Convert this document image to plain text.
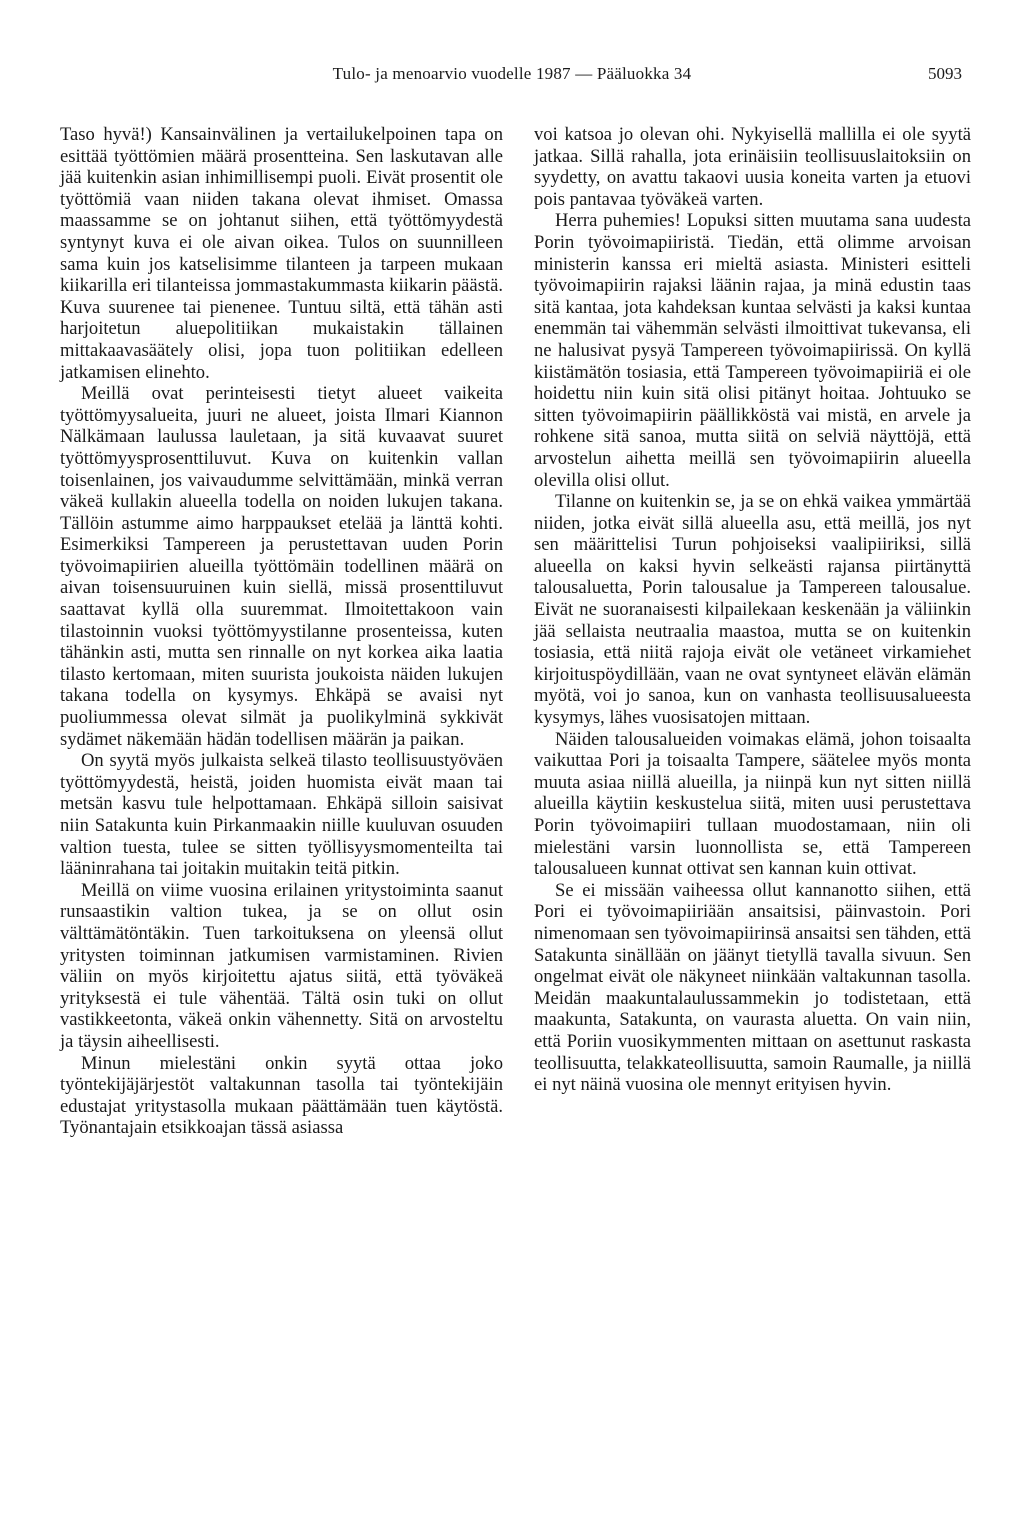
Tulo- ja menoarvio vuodelle 1987 — Pääluokka 34	5093

Taso hyvä!) Kansainvälinen ja vertailukelpoinen tapa on esittää työttömien määrä prosentteina. Sen laskutavan alle jää kuitenkin asian inhimillisempi puoli. Eivät prosentit ole työttömiä vaan niiden takana olevat ihmiset. Omassa maassamme se on johtanut siihen, että työttömyydestä syntynyt kuva ei ole aivan oikea. Tulos on suunnilleen sama kuin jos katselisimme tilanteen ja tarpeen mukaan kiikarilla eri tilanteissa jommastakummasta kiikarin päästä. Kuva suurenee tai pienenee. Tuntuu siltä, että tähän asti harjoitetun aluepolitiikan mukaistakin tällainen mittakaavasäätely olisi, jopa tuon politiikan edelleen jatkamisen elinehto.

Meillä ovat perinteisesti tietyt alueet vaikeita työttömyysalueita, juuri ne alueet, joista Ilmari Kiannon Nälkämaan laulussa lauletaan, ja sitä kuvaavat suuret työttömyysprosenttiluvut. Kuva on kuitenkin vallan toisenlainen, jos vaivaudumme selvittämään, minkä verran väkeä kullakin alueella todella on noiden lukujen takana. Tällöin astumme aimo harppaukset etelää ja länttä kohti. Esimerkiksi Tampereen ja perustettavan uuden Porin työvoimapiirien alueilla työttömäin todellinen määrä on aivan toisensuuruinen kuin siellä, missä prosenttiluvut saattavat kyllä olla suuremmat. Ilmoitettakoon vain tilastoinnin vuoksi työttömyystilanne prosenteissa, kuten tähänkin asti, mutta sen rinnalle on nyt korkea aika laatia tilasto kertomaan, miten suurista joukoista näiden lukujen takana todella on kysymys. Ehkäpä se avaisi nyt puoliummessa olevat silmät ja puolikylminä sykkivät sydämet näkemään hädän todellisen määrän ja paikan.

On syytä myös julkaista selkeä tilasto teollisuustyöväen työttömyydestä, heistä, joiden huomista eivät maan tai metsän kasvu tule helpottamaan. Ehkäpä silloin saisivat niin Satakunta kuin Pirkanmaakin niille kuuluvan osuuden valtion tuesta, tulee se sitten työllisyysmomenteilta tai lääninrahana tai joitakin muitakin teitä pitkin.

Meillä on viime vuosina erilainen yritystoiminta saanut runsaastikin valtion tukea, ja se on ollut osin välttämätöntäkin. Tuen tarkoituksena on yleensä ollut yritysten toiminnan jatkumisen varmistaminen. Rivien väliin on myös kirjoitettu ajatus siitä, että työväkeä yrityksestä ei tule vähentää. Tältä osin tuki on ollut vastikkeetonta, väkeä onkin vähennetty. Sitä on arvosteltu ja täysin aiheellisesti.

Minun mielestäni onkin syytä ottaa joko työntekijäjärjestöt valtakunnan tasolla tai työntekijäin edustajat yritystasolla mukaan päättämään tuen käytöstä. Työnantajain etsikkoajan tässä asiassa

voi katsoa jo olevan ohi. Nykyisellä mallilla ei ole syytä jatkaa. Sillä rahalla, jota erinäisiin teollisuuslaitoksiin on syydetty, on avattu takaovi uusia koneita varten ja etuovi pois pantavaa työväkeä varten.

Herra puhemies! Lopuksi sitten muutama sana uudesta Porin työvoimapiiristä. Tiedän, että olimme arvoisan ministerin kanssa eri mieltä asiasta. Ministeri esitteli työvoimapiirin rajaksi läänin rajaa, ja minä edustin taas sitä kantaa, jota kahdeksan kuntaa selvästi ja kaksi kuntaa enemmän tai vähemmän selvästi ilmoittivat tukevansa, eli ne halusivat pysyä Tampereen työvoimapiirissä. On kyllä kiistämätön tosiasia, että Tampereen työvoimapiiriä ei ole hoidettu niin kuin sitä olisi pitänyt hoitaa. Johtuuko se sitten työvoimapiirin päällikköstä vai mistä, en arvele ja rohkene sitä sanoa, mutta siitä on selviä näyttöjä, että arvostelun aihetta meillä sen työvoimapiirin alueella olevilla olisi ollut.

Tilanne on kuitenkin se, ja se on ehkä vaikea ymmärtää niiden, jotka eivät sillä alueella asu, että meillä, jos nyt sen määrittelisi Turun pohjoiseksi vaalipiiriksi, sillä alueella on kaksi hyvin selkeästi rajansa piirtänyttä talousaluetta, Porin talousalue ja Tampereen talousalue. Eivät ne suoranaisesti kilpailekaan keskenään ja väliinkin jää sellaista neutraalia maastoa, mutta se on kuitenkin tosiasia, että niitä rajoja eivät ole vetäneet virkamiehet kirjoituspöydillään, vaan ne ovat syntyneet elävän elämän myötä, voi jo sanoa, kun on vanhasta teollisuusalueesta kysymys, lähes vuosisatojen mittaan.

Näiden talousalueiden voimakas elämä, johon toisaalta vaikuttaa Pori ja toisaalta Tampere, säätelee myös monta muuta asiaa niillä alueilla, ja niinpä kun nyt sitten niillä alueilla käytiin keskustelua siitä, miten uusi perustettava Porin työvoimapiiri tullaan muodostamaan, niin oli mielestäni varsin luonnollista se, että Tampereen talousalueen kunnat ottivat sen kannan kuin ottivat.

Se ei missään vaiheessa ollut kannanotto siihen, että Pori ei työvoimapiiriään ansaitsisi, päinvastoin. Pori nimenomaan sen työvoimapiirinsä ansaitsi sen tähden, että Satakunta sinällään on jäänyt tietyllä tavalla sivuun. Sen ongelmat eivät ole näkyneet niinkään valtakunnan tasolla. Meidän maakuntalaulussammekin jo todistetaan, että maakunta, Satakunta, on vaurasta aluetta. On vain niin, että Poriin vuosikymmenten mittaan on asettunut raskasta teollisuutta, telakkateollisuutta, samoin Raumalle, ja niillä ei nyt näinä vuosina ole mennyt erityisen hyvin.
